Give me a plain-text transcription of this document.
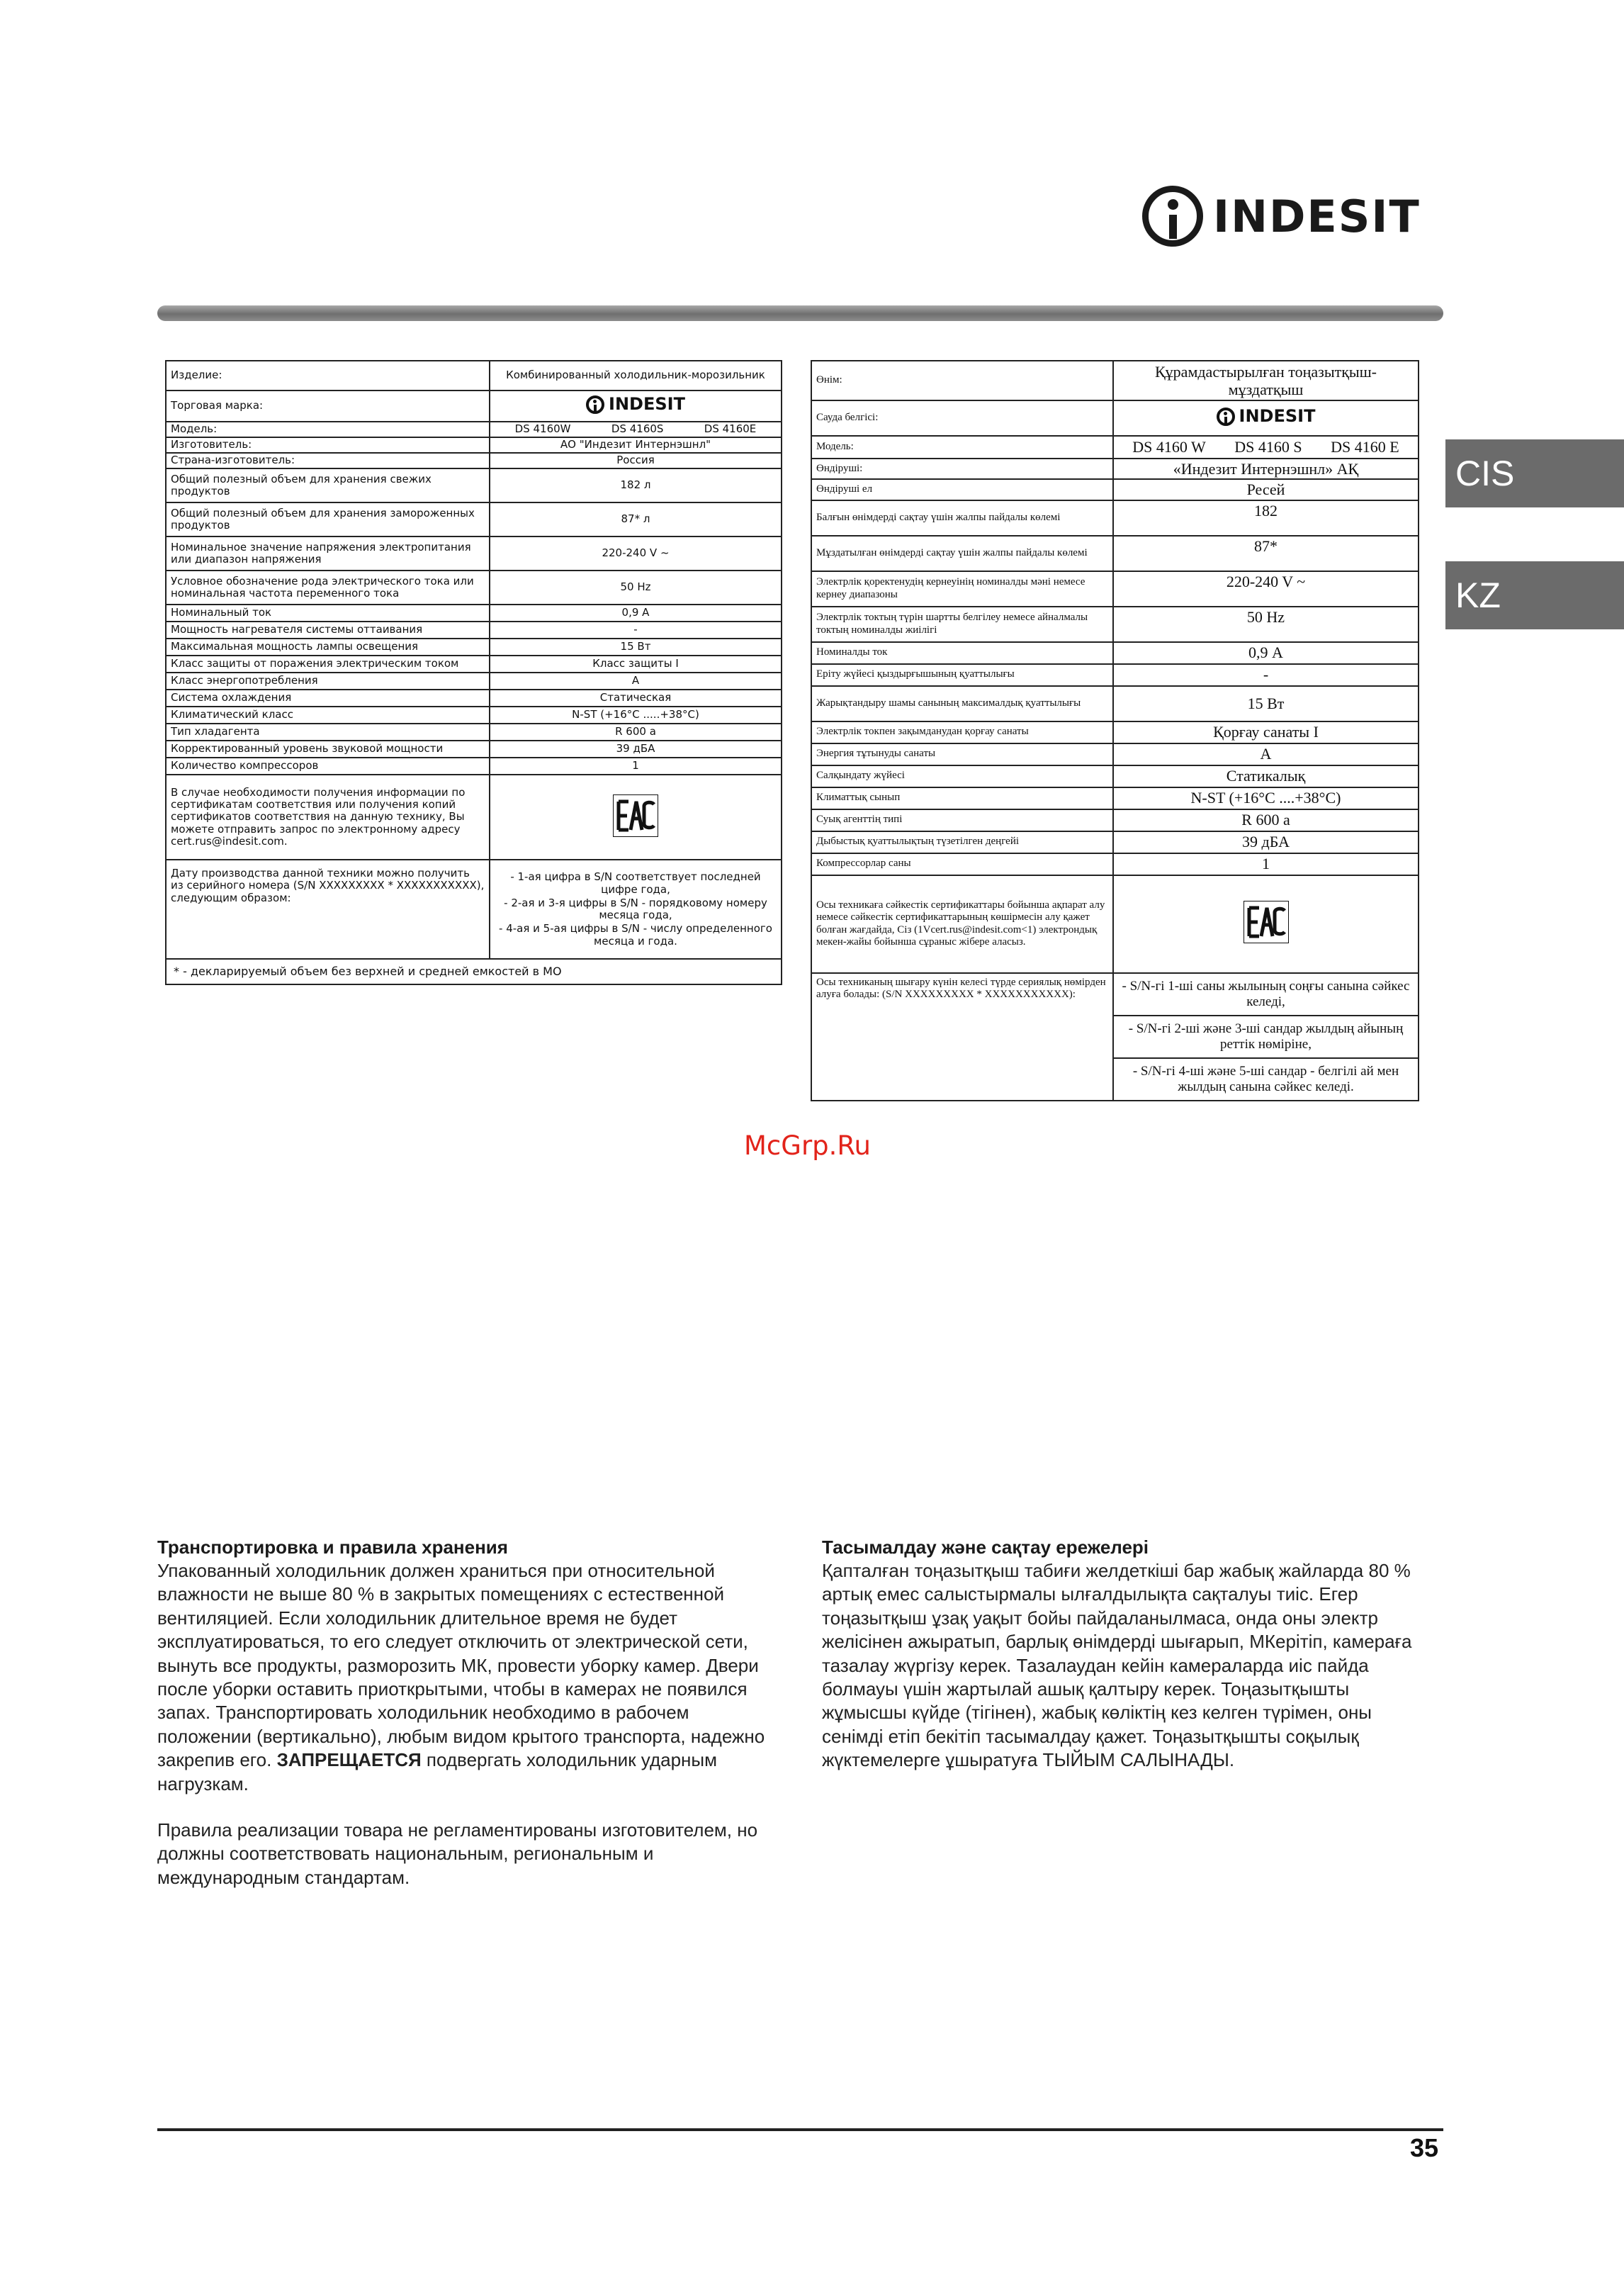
INDESIT
CIS
KZ
Изделие:	Комбинированный холодильник-морозильник
Торговая марка:	INDESIT

Модель:	DS 4160W DS 4160S DS 4160E

Изготовитель:	АО "Индезит Интернэшнл"
Страна-изготовитель:	Россия
Общий полезный объем для хранения свежих продуктов	182 л
Общий полезный объем для хранения замороженных продуктов	87* л
Номинальное значение напряжения электропитания или диапазон напряжения	220-240 V ~
Условное обозначение рода электрического тока или номинальная частота переменного тока	50 Hz
Номинальный ток	0,9 А
Мощность нагревателя системы оттаивания	-
Максимальная мощность лампы освещения	15 Вт
Класс защиты от поражения электрическим током	Класс защиты I
Класс энергопотребления	А
Система охлаждения	Статическая
Климатический класс	N-ST (+16°C .....+38°C)
Тип хладагента	R 600 a
Корректированный уровень звуковой мощности	39 дБА
Количество компрессоров	1
В случае необходимости получения информации по сертификатам соответствия или получения копий сертификатов соответствия на данную технику, Вы можете отправить запрос по электронному адресу cert.rus@indesit.com.	
Дату производства данной техники можно получить из серийного номера (S/N XXXXXXXXX * XXXXXXXXXXX), следующим образом:	- 1-ая цифра в S/N соответствует последней цифре года,
- 2-ая и 3-я цифры в S/N - порядковому номеру месяца года,
- 4-ая и 5-ая цифры в S/N - числу определенного месяца и года.

* - декларируемый объем без верхней и средней емкостей в МО	
Өнім:	Құрамдастырылған тоңазытқыш-мұздатқыш
Сауда белгісі:	INDESIT

Модель:	DS 4160 W DS 4160 S DS 4160 E

Өндіруші:	«Индезит Интернэшнл» АҚ
Өндіруші ел	Ресей
Балғын өнімдерді сақтау үшін жалпы пайдалы көлемі	182
Мұздатылған өнімдерді сақтау үшін жалпы пайдалы көлемі	87*
Электрлік қоректенудің кернеуінің номиналды мәні немесе кернеу диапазоны	220-240 V ~
Электрлік токтың түрін шартты белгілеу немесе айналмалы токтың номиналды жиілігі	50 Hz
Номиналды ток	0,9 А
Еріту жүйесі қыздырғышының қуаттылығы	-
Жарықтандыру шамы санының максималдық қуаттылығы	15 Вт
Электрлік токпен зақымданудан қорғау санаты	Қорғау санаты I
Энергия тұтынуды санаты	А
Салқындату жүйесі	Статикалық
Климаттық сынып	N-ST (+16°C ....+38°C)
Суық агенттің типі	R 600 a
Дыбыстық қуаттылықтың түзетілген деңгейі	39 дБА
Компрессорлар саны	1
Осы техникаға сәйкестік сертификаттары бойынша ақпарат алу немесе сәйкестік сертификаттарының көшірмесін алу қажет болған жағдайда, Сіз (1Vcert.rus@indesit.com<1) электрондық мекен-жайы бойынша сұраныс жібере аласыз.	
Осы техниканың шығару күнін келесі түрде сериялық нөмірден алуға болады: (S/N XXXXXXXXX * XXXXXXXXXXX):	- S/N-гі 1-ші саны жылының соңғы санына сәйкес келеді,
	- S/N-гі 2-ші және 3-ші сандар жылдың айының реттік нөміріне,
	- S/N-гі 4-ші және 5-ші сандар - белгілі ай мен жылдың санына сәйкес келеді.
McGrp.Ru
Транспортировка и правила хранения

Упакованный холодильник должен храниться при относительной влажности не выше 80 % в закрытых помещениях с естественной вентиляцией. Если холодильник длительное время не будет эксплуатироваться, то его следует отключить от электрической сети, вынуть все продукты, разморозить МК, провести уборку камер. Двери после уборки оставить приоткрытыми, чтобы в камерах не появился запах. Транспортировать холодильник необходимо в рабочем положении (вертикально), любым видом крытого транспорта, надежно закрепив его. ЗАПРЕЩАЕТСЯ подвергать холодильник ударным нагрузкам.

Правила реализации товара не регламентированы изготовителем, но должны соответствовать национальным, региональным и международным стандартам.

Тасымалдау және сақтау ережелері

Қапталған тоңазытқыш табиғи желдеткіші бар жабық жайларда 80 % артық емес салыстырмалы ылғалдылықта сақталуы тиіс. Егер тоңазытқыш ұзақ уақыт бойы пайдаланылмаса, онда оны электр желісінен ажыратып, барлық өнімдерді шығарып, МКерітіп, камераға тазалау жүргізу керек. Тазалаудан кейін камераларда иіс пайда болмауы үшін жартылай ашық қалтыру керек. Тоңазытқышты жұмысшы күйде (тігінен), жабық көліктің кез келген түрімен, оны сенімді етіп бекітіп тасымалдау қажет. Тоңазытқышты соқылық жүктемелерге ұшыратуға ТЫЙЫМ САЛЫНАДЫ.

35
